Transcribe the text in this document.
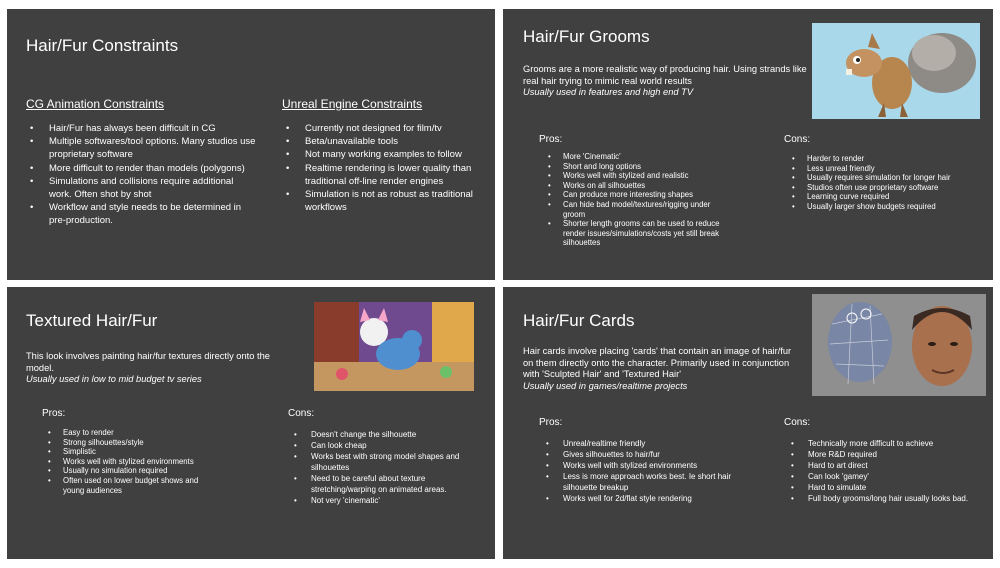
Hair/Fur Constraints
CG Animation Constraints
• Hair/Fur has always been difficult in CG
• Multiple softwares/tool options. Many studios use proprietary software
• More difficult to render than models (polygons)
• Simulations and collisions require additional work. Often shot by shot
• Workflow and style needs to be determined in pre-production.
Unreal Engine Constraints
• Currently not designed for film/tv
• Beta/unavailable tools
• Not many working examples to follow
• Realtime rendering is lower quality than traditional off-line render engines
• Simulation is not as robust as traditional workflows
Hair/Fur Grooms
Grooms are a more realistic way of producing hair. Using strands like real hair trying to mimic real world results
Usually used in features and high end TV
Pros:
• More 'Cinematic'
• Short and long options
• Works well with stylized and realistic
• Works on all silhouettes
• Can produce more interesting shapes
• Can hide bad model/textures/rigging under groom
• Shorter length grooms can be used to reduce render issues/simulations/costs yet still break silhouettes
Cons:
• Harder to render
• Less unreal friendly
• Usually requires simulation for longer hair
• Studios often use proprietary software
• Learning curve required
• Usually larger show budgets required
Textured Hair/Fur
This look involves painting hair/fur textures directly onto the model.
Usually used in low to mid budget tv series
Pros:
• Easy to render
• Strong silhouettes/style
• Simplistic
• Works well with stylized environments
• Usually no simulation required
• Often used on lower budget shows and young audiences
Cons:
• Doesn't change the silhouette
• Can look cheap
• Works best with strong model shapes and silhouettes
• Need to be careful about texture stretching/warping on animated areas.
• Not very 'cinematic'
Hair/Fur Cards
Hair cards involve placing 'cards' that contain an image of hair/fur on them directly onto the character. Primarily used in conjunction with 'Sculpted Hair' and 'Textured Hair'
Usually used in games/realtime projects
Pros:
• Unreal/realtime friendly
• Gives silhouettes to hair/fur
• Works well with stylized environments
• Less is more approach works best. Ie short hair silhouette breakup
• Works well for 2d/flat style rendering
Cons:
• Technically more difficult to achieve
• More R&D required
• Hard to art direct
• Can look 'gamey'
• Hard to simulate
• Full body grooms/long hair usually looks bad.
